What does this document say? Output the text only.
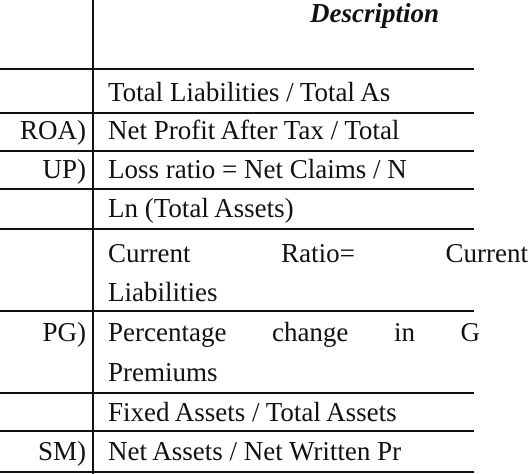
Description
Total Liabilities / Total As
ROA) Net Profit After Tax / Total
UP) Loss ratio = Net Claims / N
Ln (Total Assets)
Current	Ratio=	Current
Liabilities
PG) Percentage change in G
Premiums
Fixed Assets / Total Assets
SM) Net Assets / Net Written Pr
